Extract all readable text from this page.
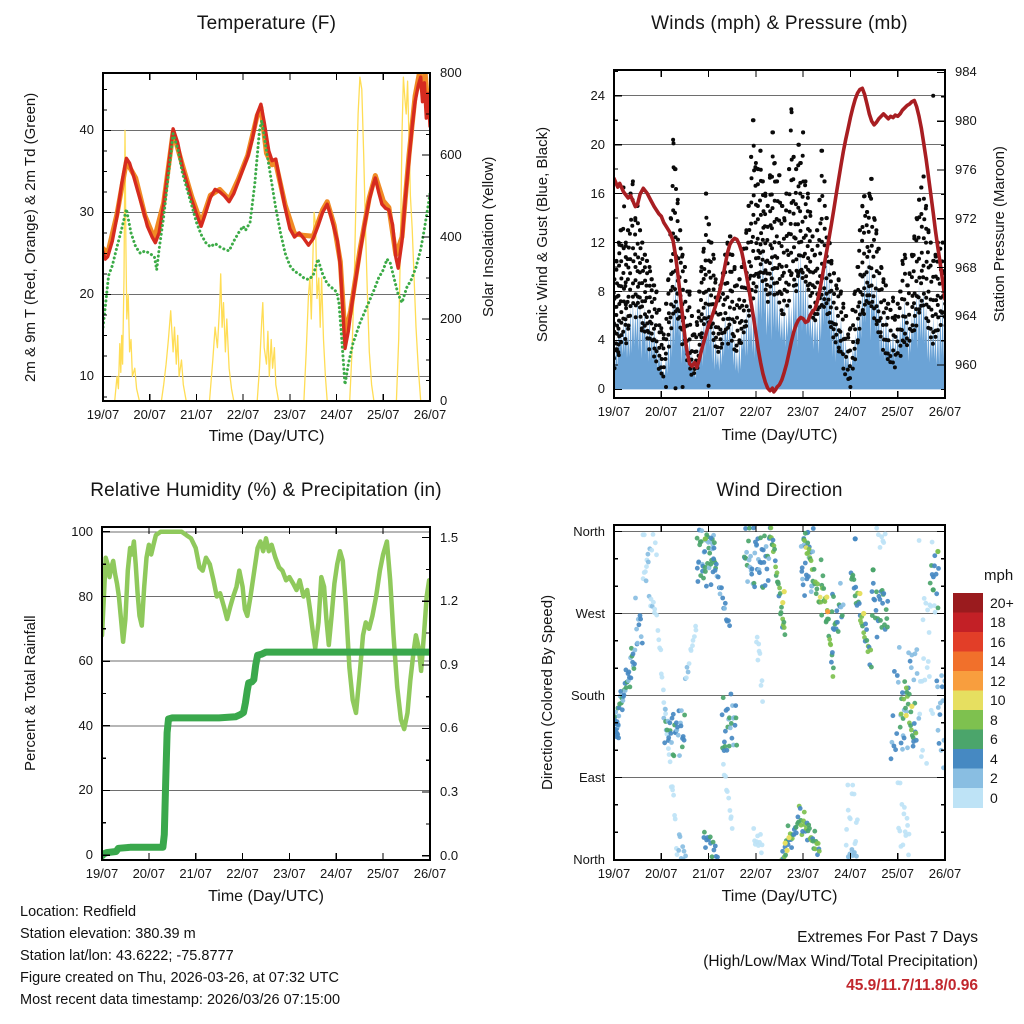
Temperature (F)	Winds (mph) & Pressure (mb)
Relative Humidity (%) & Precipitation (in)	Wind Direction
2m & 9m T (Red, Orange) & 2m Td (Green)	Solar Insolation (Yellow) Sonic Wind & Gust (Blue, Black)	Station Pressure (Maroon)
Percent & Total Rainfall	Direction (Colored By Speed)
Time (Day/UTC)	Time (Day/UTC)
Time (Day/UTC)	Time (Day/UTC)
mph
Location: Redfield
Station elevation: 380.39 m
Station lat/lon: 43.6222; -75.8777
Figure created on Thu, 2026-03-26, at 07:32 UTC
Most recent data timestamp: 2026/03/26 07:15:00
Extremes For Past 7 Days
(High/Low/Max Wind/Total Precipitation)
45.9/11.7/11.8/0.96
19/07	20/07	21/07	22/07	23/07	24/07	25/07	26/07
10
20
30
40
0
200
400
600
800
19/07	20/07	21/07	22/07	23/07	24/07	25/07	26/07
0
4
8
12
16
20
24
960
964
968
972
976
980
984
19/07	20/07	21/07	22/07	23/07	24/07	25/07	26/07
0
20
40
60
80
100
0.0
0.3
0.6
0.9
1.2
1.5
19/07	20/07	21/07	22/07	23/07	24/07	25/07	26/07
North
West
South
East
North
20+
18
16
14
12
10
8
6
4
2
0
